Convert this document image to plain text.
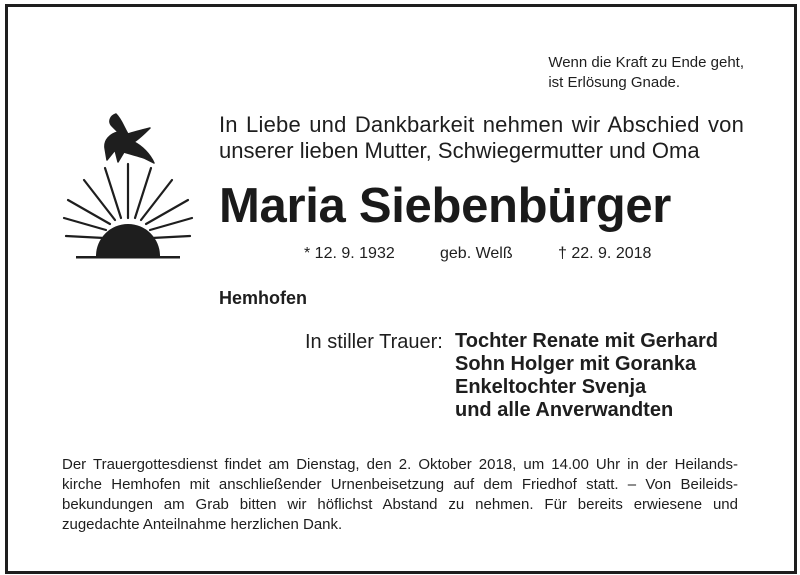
Wenn die Kraft zu Ende geht,
ist Erlösung Gnade.
In Liebe und Dankbarkeit nehmen wir Abschied von
unserer lieben Mutter, Schwiegermutter und Oma
Maria Siebenbürger
* 12. 9. 1932	geb. Welß	† 22. 9. 2018
Hemhofen
In stiller Trauer: Tochter Renate mit Gerhard
Sohn Holger mit Goranka
Enkeltochter Svenja
und alle Anverwandten
Der Trauergottesdienst findet am Dienstag, den 2. Oktober 2018, um 14.00 Uhr in der Heilands- kirche Hemhofen mit anschließender Urnenbeisetzung auf dem Friedhof statt. – Von Beileids- bekundungen am Grab bitten wir höflichst Abstand zu nehmen. Für bereits erwiesene und zugedachte Anteilnahme herzlichen Dank.
